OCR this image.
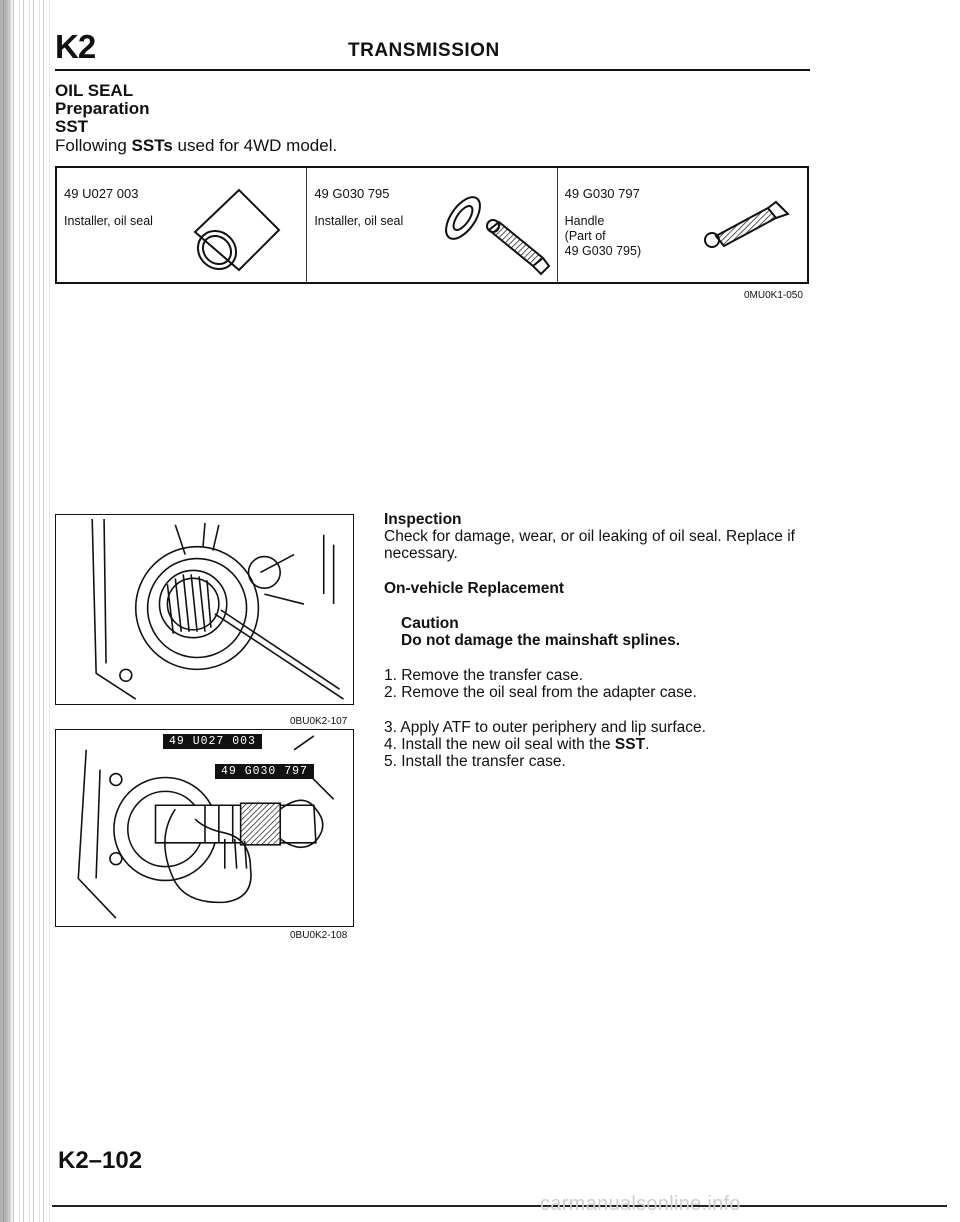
K2	TRANSMISSION
OIL SEAL
Preparation
SST
Following SSTs used for 4WD model.
49 U027 003
Installer, oil seal
49 G030 795
Installer, oil seal
49 G030 797
Handle
(Part of
49 G030 795)
0MU0K1-050
0BU0K2-107
49 U027 003
49 G030 797
0BU0K2-108
Inspection

Check for damage, wear, or oil leaking of oil seal. Replace if necessary.

On-vehicle Replacement
Caution
Do not damage the mainshaft splines.

1. Remove the transfer case.

2. Remove the oil seal from the adapter case.

3. Apply ATF to outer periphery and lip surface.

4. Install the new oil seal with the SST.

5. Install the transfer case.

K2–102
carmanualsonline.info
